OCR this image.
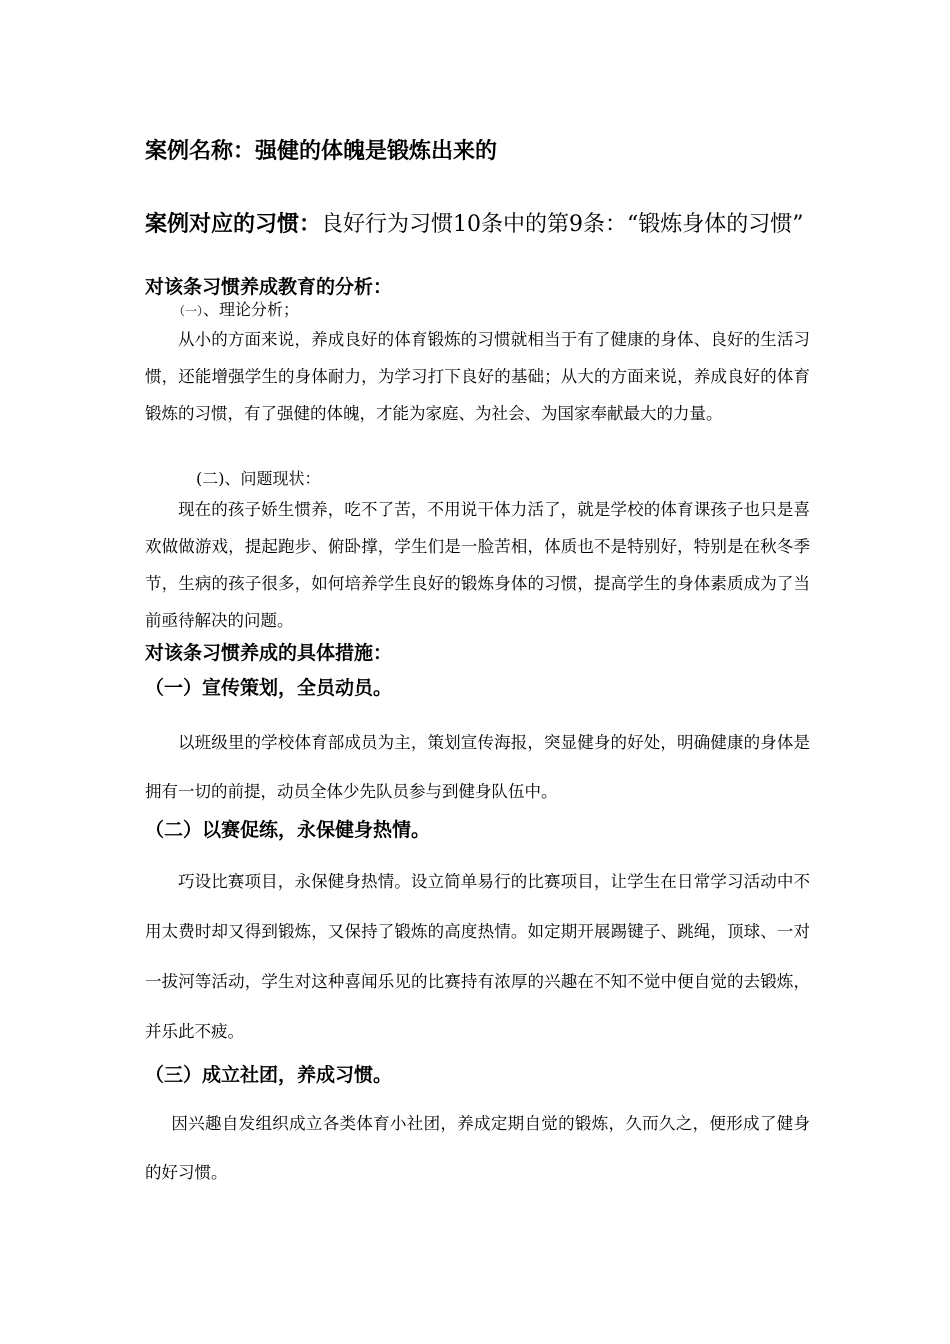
案例名称：强健的体魄是锻炼出来的

案例对应的习惯：良好行为习惯10条中的第9条：“锻炼身体的习惯”

对该条习惯养成教育的分析：

（一）、理论分析；

从小的方面来说，养成良好的体育锻炼的习惯就相当于有了健康的身体、良好的生活习惯，还能增强学生的身体耐力，为学习打下良好的基础；从大的方面来说，养成良好的体育锻炼的习惯，有了强健的体魄，才能为家庭、为社会、为国家奉献最大的力量。

(二)、问题现状：

现在的孩子娇生惯养，吃不了苦，不用说干体力活了，就是学校的体育课孩子也只是喜欢做做游戏，提起跑步、俯卧撑，学生们是一脸苦相，体质也不是特别好，特别是在秋冬季节，生病的孩子很多，如何培养学生良好的锻炼身体的习惯，提高学生的身体素质成为了当前亟待解决的问题。

对该条习惯养成的具体措施：

（一）宣传策划，全员动员。

以班级里的学校体育部成员为主，策划宣传海报，突显健身的好处，明确健康的身体是拥有一切的前提，动员全体少先队员参与到健身队伍中。

（二）以赛促练，永保健身热情。

巧设比赛项目，永保健身热情。设立简单易行的比赛项目，让学生在日常学习活动中不用太费时却又得到锻炼，又保持了锻炼的高度热情。如定期开展踢键子、跳绳，顶球、一对一拔河等活动，学生对这种喜闻乐见的比赛持有浓厚的兴趣在不知不觉中便自觉的去锻炼，并乐此不疲。

（三）成立社团，养成习惯。

因兴趣自发组织成立各类体育小社团，养成定期自觉的锻炼，久而久之，便形成了健身的好习惯。
